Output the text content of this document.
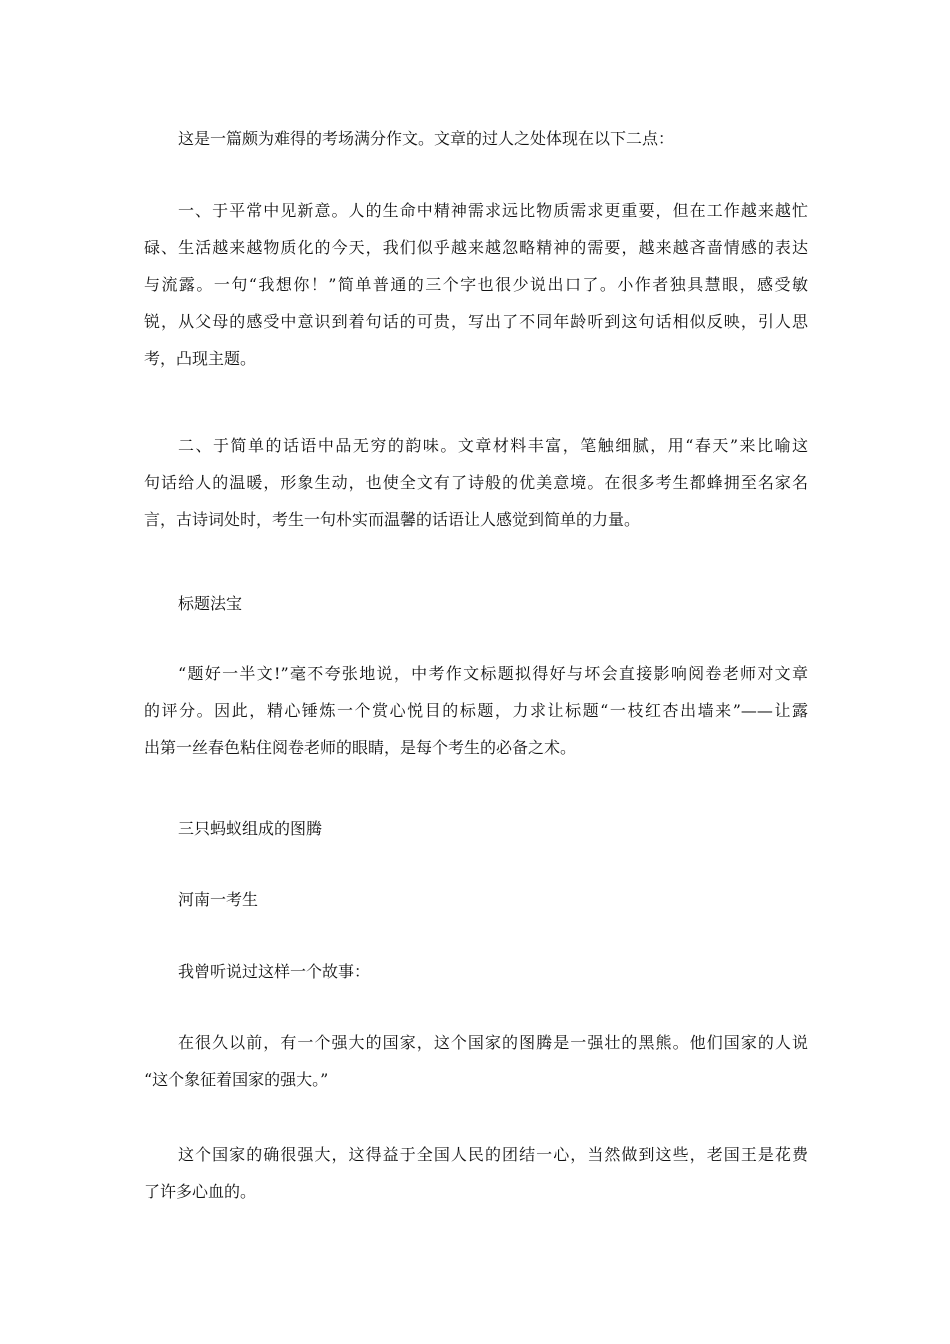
这是一篇颇为难得的考场满分作文。文章的过人之处体现在以下二点：
一、于平常中见新意。人的生命中精神需求远比物质需求更重要，但在工作越来越忙
碌、生活越来越物质化的今天，我们似乎越来越忽略精神的需要，越来越吝啬情感的表达
与流露。一句“我想你！”简单普通的三个字也很少说出口了。小作者独具慧眼，感受敏
锐，从父母的感受中意识到着句话的可贵，写出了不同年龄听到这句话相似反映，引人思
考，凸现主题。
二、于简单的话语中品无穷的韵味。文章材料丰富，笔触细腻，用“春天”来比喻这
句话给人的温暖，形象生动，也使全文有了诗般的优美意境。在很多考生都蜂拥至名家名
言，古诗词处时，考生一句朴实而温馨的话语让人感觉到简单的力量。
标题法宝
“题好一半文!”毫不夸张地说，中考作文标题拟得好与坏会直接影响阅卷老师对文章
的评分。因此，精心锤炼一个赏心悦目的标题，力求让标题“一枝红杏出墙来”——让露
出第一丝春色粘住阅卷老师的眼睛，是每个考生的必备之术。
三只蚂蚁组成的图腾
河南一考生
我曾听说过这样一个故事：
在很久以前，有一个强大的国家，这个国家的图腾是一强壮的黑熊。他们国家的人说
“这个象征着国家的强大。”
这个国家的确很强大，这得益于全国人民的团结一心，当然做到这些，老国王是花费
了许多心血的。
